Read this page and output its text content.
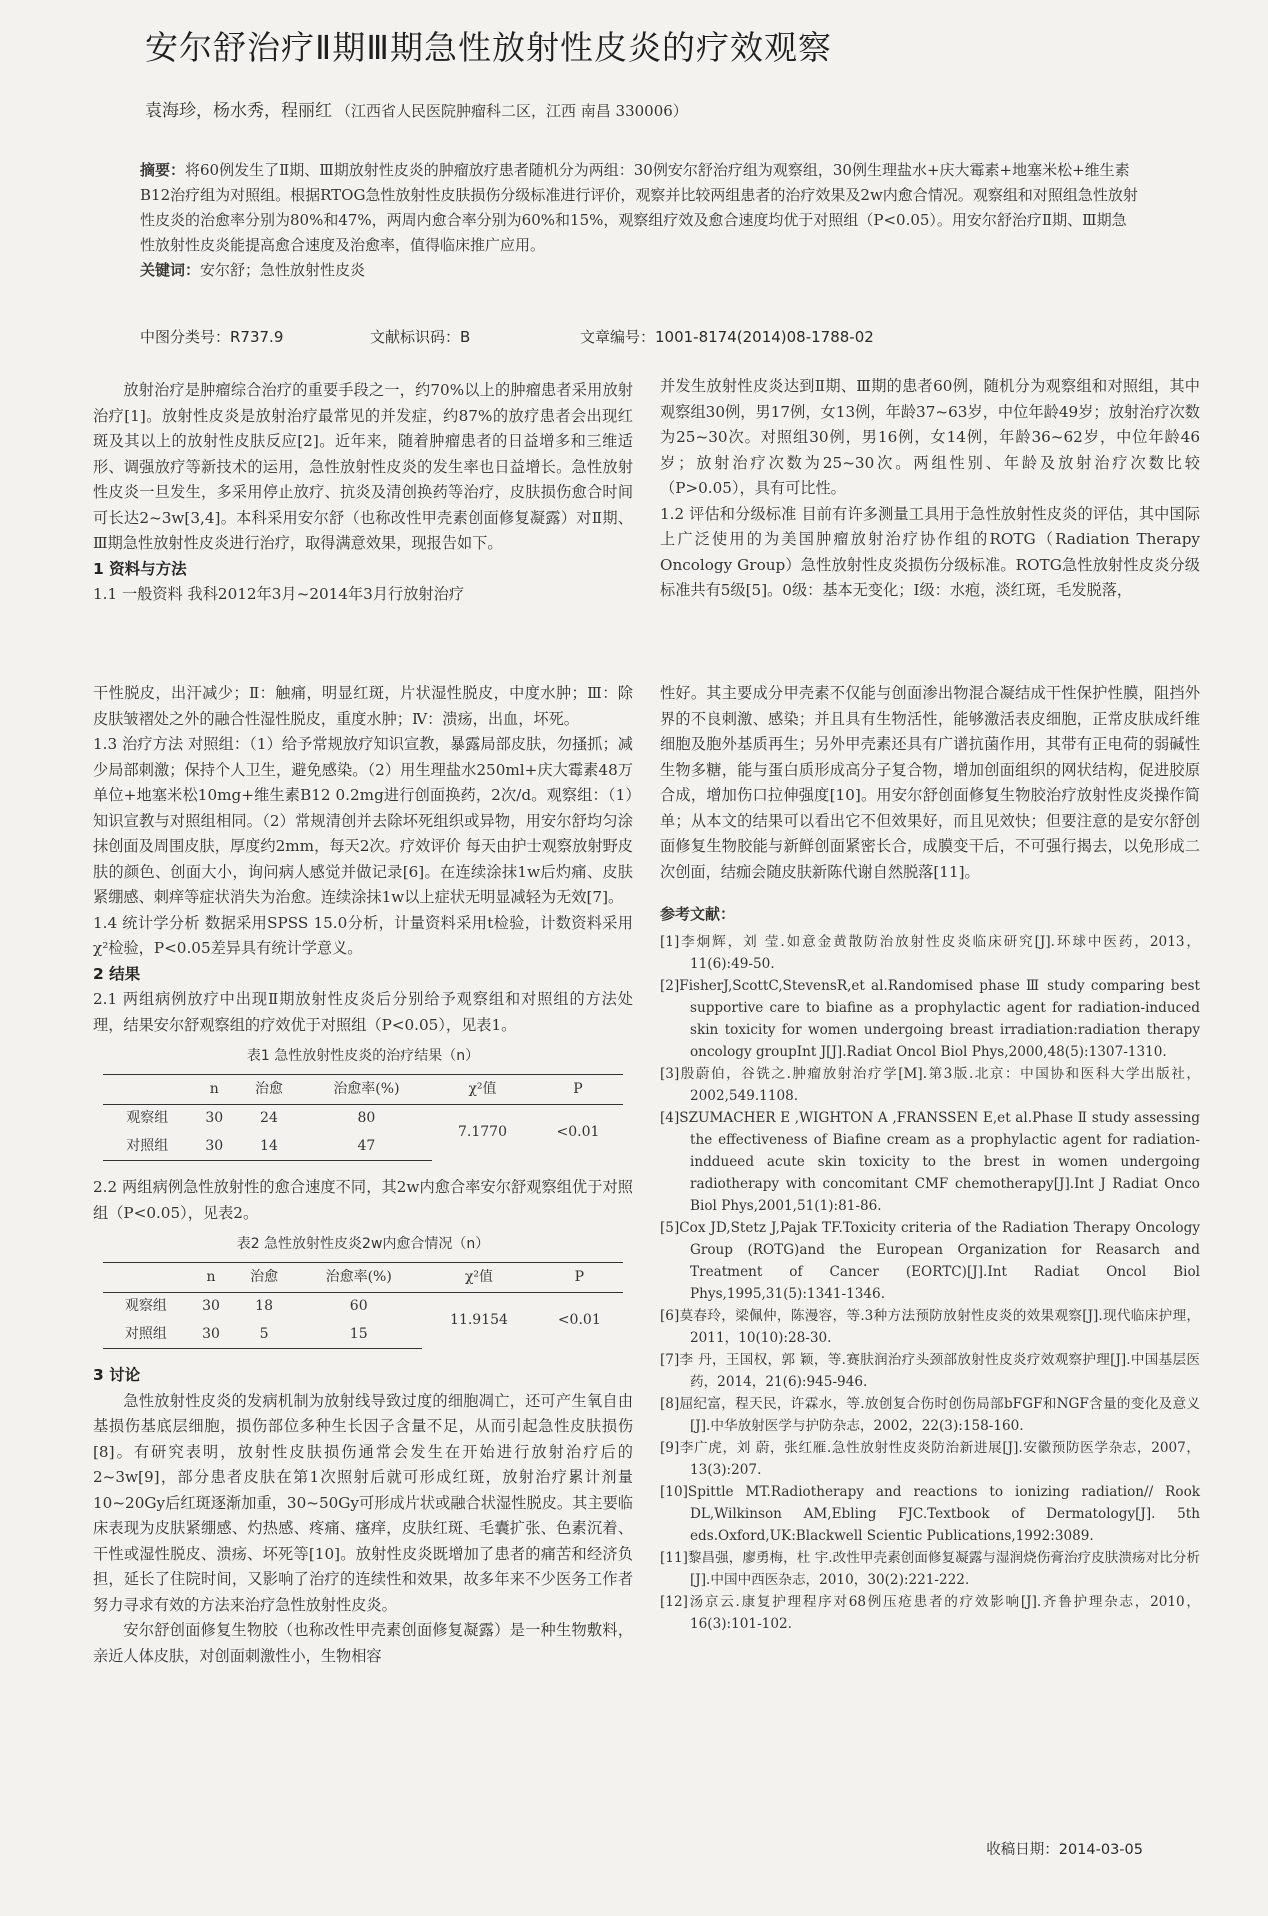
安尔舒治疗Ⅱ期Ⅲ期急性放射性皮炎的疗效观察
袁海珍，杨水秀，程丽红 （江西省人民医院肿瘤科二区，江西 南昌 330006）
摘要：将60例发生了Ⅱ期、Ⅲ期放射性皮炎的肿瘤放疗患者随机分为两组：30例安尔舒治疗组为观察组，30例生理盐水+庆大霉素+地塞米松+维生素B12治疗组为对照组。根据RTOG急性放射性皮肤损伤分级标准进行评价，观察并比较两组患者的治疗效果及2w内愈合情况。观察组和对照组急性放射性皮炎的治愈率分别为80%和47%，两周内愈合率分别为60%和15%，观察组疗效及愈合速度均优于对照组（P<0.05）。用安尔舒治疗Ⅱ期、Ⅲ期急性放射性皮炎能提高愈合速度及治愈率，值得临床推广应用。
关键词：安尔舒；急性放射性皮炎
中图分类号：R737.9	文献标识码：B	文章编号：1001-8174(2014)08-1788-02

放射治疗是肿瘤综合治疗的重要手段之一，约70%以上的肿瘤患者采用放射治疗[1]。放射性皮炎是放射治疗最常见的并发症，约87%的放疗患者会出现红斑及其以上的放射性皮肤反应[2]。近年来，随着肿瘤患者的日益增多和三维适形、调强放疗等新技术的运用，急性放射性皮炎的发生率也日益增长。急性放射性皮炎一旦发生，多采用停止放疗、抗炎及清创换药等治疗，皮肤损伤愈合时间可长达2~3w[3,4]。本科采用安尔舒（也称改性甲壳素创面修复凝露）对Ⅱ期、Ⅲ期急性放射性皮炎进行治疗，取得满意效果，现报告如下。

1 资料与方法

1.1 一般资料 我科2012年3月~2014年3月行放射治疗

并发生放射性皮炎达到Ⅱ期、Ⅲ期的患者60例，随机分为观察组和对照组，其中观察组30例，男17例，女13例，年龄37~63岁，中位年龄49岁；放射治疗次数为25~30次。对照组30例，男16例，女14例，年龄36~62岁，中位年龄46岁；放射治疗次数为25~30次。两组性别、年龄及放射治疗次数比较（P>0.05），具有可比性。

1.2 评估和分级标准 目前有许多测量工具用于急性放射性皮炎的评估，其中国际上广泛使用的为美国肿瘤放射治疗协作组的ROTG（Radiation Therapy Oncology Group）急性放射性皮炎损伤分级标准。ROTG急性放射性皮炎分级标准共有5级[5]。0级：基本无变化；Ⅰ级：水疱，淡红斑，毛发脱落，

干性脱皮，出汗减少；Ⅱ：触痛，明显红斑，片状湿性脱皮，中度水肿；Ⅲ：除皮肤皱褶处之外的融合性湿性脱皮，重度水肿；Ⅳ：溃疡，出血，坏死。

1.3 治疗方法 对照组：（1）给予常规放疗知识宣教，暴露局部皮肤，勿搔抓；减少局部刺激；保持个人卫生，避免感染。（2）用生理盐水250ml+庆大霉素48万单位+地塞米松10mg+维生素B12 0.2mg进行创面换药，2次/d。观察组：（1）知识宣教与对照组相同。（2）常规清创并去除坏死组织或异物，用安尔舒均匀涂抹创面及周围皮肤，厚度约2mm，每天2次。疗效评价 每天由护士观察放射野皮肤的颜色、创面大小，询问病人感觉并做记录[6]。在连续涂抹1w后灼痛、皮肤紧绷感、刺痒等症状消失为治愈。连续涂抹1w以上症状无明显减轻为无效[7]。

1.4 统计学分析 数据采用SPSS 15.0分析，计量资料采用t检验，计数资料采用χ²检验，P<0.05差异具有统计学意义。

2 结果

2.1 两组病例放疗中出现Ⅱ期放射性皮炎后分别给予观察组和对照组的方法处理，结果安尔舒观察组的疗效优于对照组（P<0.05），见表1。

表1 急性放射性皮炎的治疗结果（n）
	n	治愈	治愈率(%)	χ²值	P
观察组	30	24	80	7.1770	<0.01
对照组	30	14	47		

2.2 两组病例急性放射性的愈合速度不同，其2w内愈合率安尔舒观察组优于对照组（P<0.05），见表2。

表2 急性放射性皮炎2w内愈合情况（n）
	n	治愈	治愈率(%)	χ²值	P
观察组	30	18	60	11.9154	<0.01
对照组	30	5	15		
3 讨论

急性放射性皮炎的发病机制为放射线导致过度的细胞凋亡，还可产生氧自由基损伤基底层细胞，损伤部位多种生长因子含量不足，从而引起急性皮肤损伤[8]。有研究表明，放射性皮肤损伤通常会发生在开始进行放射治疗后的2~3w[9]，部分患者皮肤在第1次照射后就可形成红斑，放射治疗累计剂量10~20Gy后红斑逐渐加重，30~50Gy可形成片状或融合状湿性脱皮。其主要临床表现为皮肤紧绷感、灼热感、疼痛、瘙痒，皮肤红斑、毛囊扩张、色素沉着、干性或湿性脱皮、溃疡、坏死等[10]。放射性皮炎既增加了患者的痛苦和经济负担，延长了住院时间，又影响了治疗的连续性和效果，故多年来不少医务工作者努力寻求有效的方法来治疗急性放射性皮炎。

安尔舒创面修复生物胶（也称改性甲壳素创面修复凝露）是一种生物敷料，亲近人体皮肤，对创面刺激性小，生物相容

性好。其主要成分甲壳素不仅能与创面渗出物混合凝结成干性保护性膜，阻挡外界的不良刺激、感染；并且具有生物活性，能够激活表皮细胞，正常皮肤成纤维细胞及胞外基质再生；另外甲壳素还具有广谱抗菌作用，其带有正电荷的弱碱性生物多糖，能与蛋白质形成高分子复合物，增加创面组织的网状结构，促进胶原合成，增加伤口拉伸强度[10]。用安尔舒创面修复生物胶治疗放射性皮炎操作简单；从本文的结果可以看出它不但效果好，而且见效快；但要注意的是安尔舒创面修复生物胶能与新鲜创面紧密长合，成膜变干后，不可强行揭去，以免形成二次创面，结痂会随皮肤新陈代谢自然脱落[11]。

参考文献：

[1]李炯辉，刘 莹.如意金黄散防治放射性皮炎临床研究[J].环球中医药，2013，11(6):49-50.

[2]FisherJ,ScottC,StevensR,et al.Randomised phase Ⅲ study comparing best supportive care to biafine as a prophylactic agent for radiation-induced skin toxicity for women undergoing breast irradiation:radiation therapy oncology groupInt J[J].Radiat Oncol Biol Phys,2000,48(5):1307-1310.

[3]殷蔚伯，谷铣之.肿瘤放射治疗学[M].第3版.北京：中国协和医科大学出版社，2002,549.1108.

[4]SZUMACHER E ,WIGHTON A ,FRANSSEN E,et al.Phase Ⅱ study assessing the effectiveness of Biafine cream as a prophylactic agent for radiation-inddueed acute skin toxicity to the brest in women undergoing radiotherapy with concomitant CMF chemotherapy[J].Int J Radiat Onco Biol Phys,2001,51(1):81-86.

[5]Cox JD,Stetz J,Pajak TF.Toxicity criteria of the Radiation Therapy Oncology Group (ROTG)and the European Organization for Reasarch and Treatment of Cancer (EORTC)[J].Int Radiat Oncol Biol Phys,1995,31(5):1341-1346.

[6]莫春玲，梁佩仲，陈漫容，等.3种方法预防放射性皮炎的效果观察[J].现代临床护理，2011，10(10):28-30.

[7]李 丹，王国权，郭 颖，等.赛肤润治疗头颈部放射性皮炎疗效观察护理[J].中国基层医药，2014，21(6):945-946.

[8]屈纪富，程天民，许霖水，等.放创复合伤时创伤局部bFGF和NGF含量的变化及意义[J].中华放射医学与护防杂志，2002，22(3):158-160.

[9]李广虎，刘 蔚，张红雁.急性放射性皮炎防治新进展[J].安徽预防医学杂志，2007，13(3):207.

[10]Spittle MT.Radiotherapy and reactions to ionizing radiation// Rook DL,Wilkinson AM,Ebling FJC.Textbook of Dermatology[J]. 5th eds.Oxford,UK:Blackwell Scientic Publications,1992:3089.

[11]黎昌强，廖勇梅，杜 宇.改性甲壳素创面修复凝露与湿润烧伤膏治疗皮肤溃疡对比分析[J].中国中西医杂志，2010，30(2):221-222.

[12]汤京云.康复护理程序对68例压疮患者的疗效影响[J].齐鲁护理杂志，2010，16(3):101-102.

收稿日期：2014-03-05
